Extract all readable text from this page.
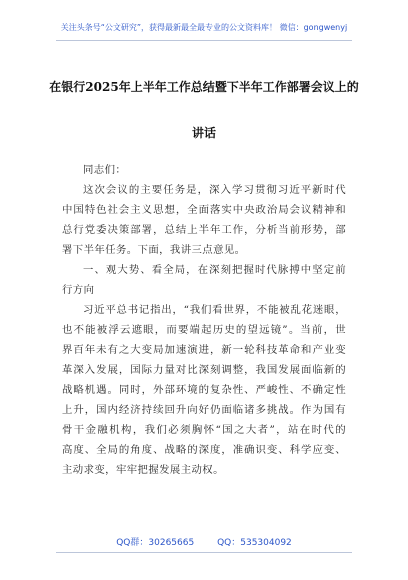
关注头条号“公文研究”，获得最新最全最专业的公文资料库！ 微信：gongwenyj
在银行2025年上半年工作总结暨下半年工作部署会议上的
讲话
同志们：
这次会议的主要任务是，深入学习贯彻习近平新时代
中国特色社会主义思想，全面落实中央政治局会议精神和
总行党委决策部署，总结上半年工作，分析当前形势，部
署下半年任务。下面，我讲三点意见。
一、观大势、看全局，在深刻把握时代脉搏中坚定前
行方向
习近平总书记指出，“我们看世界，不能被乱花迷眼，
也不能被浮云遮眼，而要端起历史的望远镜”。当前，世
界百年未有之大变局加速演进，新一轮科技革命和产业变
革深入发展，国际力量对比深刻调整，我国发展面临新的
战略机遇。同时，外部环境的复杂性、严峻性、不确定性
上升，国内经济持续回升向好仍面临诸多挑战。作为国有
骨干金融机构，我们必须胸怀“国之大者”，站在时代的
高度、全局的角度、战略的深度，准确识变、科学应变、
主动求变，牢牢把握发展主动权。
QQ群：30265665	QQ：535304092
